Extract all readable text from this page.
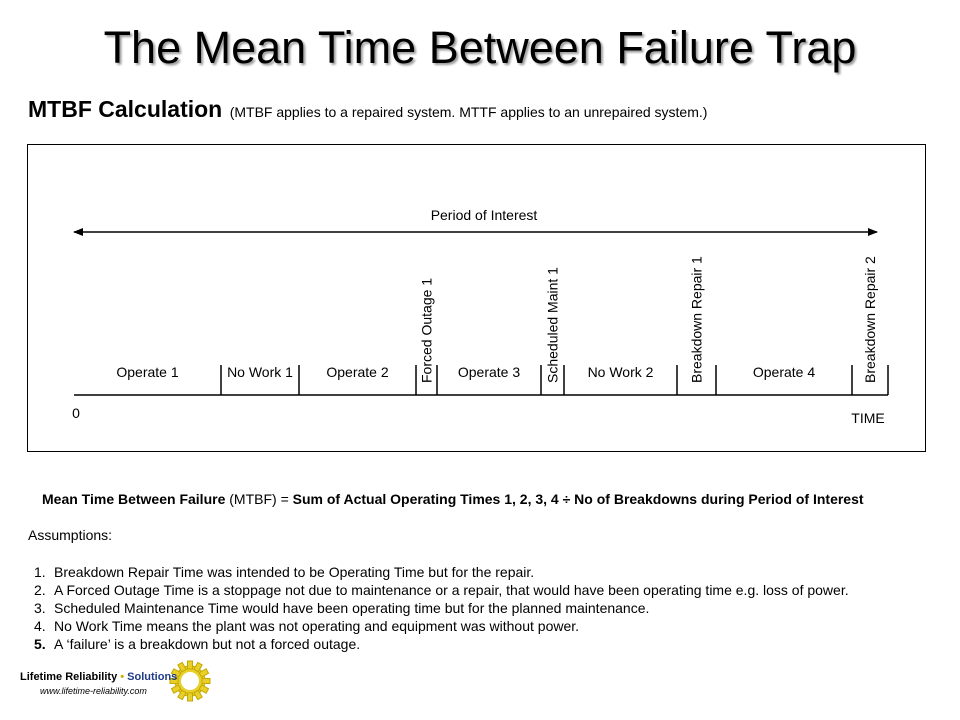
The Mean Time Between Failure Trap
MTBF Calculation (MTBF applies to a repaired system. MTTF applies to an unrepaired system.)
Period of Interest
0	TIME
Operate 1	No Work 1 Operate 2 Forced Outage 1 Operate 3 Scheduled Maint 1 No Work 2	Breakdown Repair 1	Operate 4	Breakdown Repair 2
Mean Time Between Failure (MTBF) = Sum of Actual Operating Times 1, 2, 3, 4 ÷ No of Breakdowns during Period of Interest
Assumptions:
1. Breakdown Repair Time was intended to be Operating Time but for the repair.
2. A Forced Outage Time is a stoppage not due to maintenance or a repair, that would have been operating time e.g. loss of power.
3. Scheduled Maintenance Time would have been operating time but for the planned maintenance.
4. No Work Time means the plant was not operating and equipment was without power.
5. A ‘failure’ is a breakdown but not a forced outage.
Lifetime Reliability • Solutions
www.lifetime-reliability.com
